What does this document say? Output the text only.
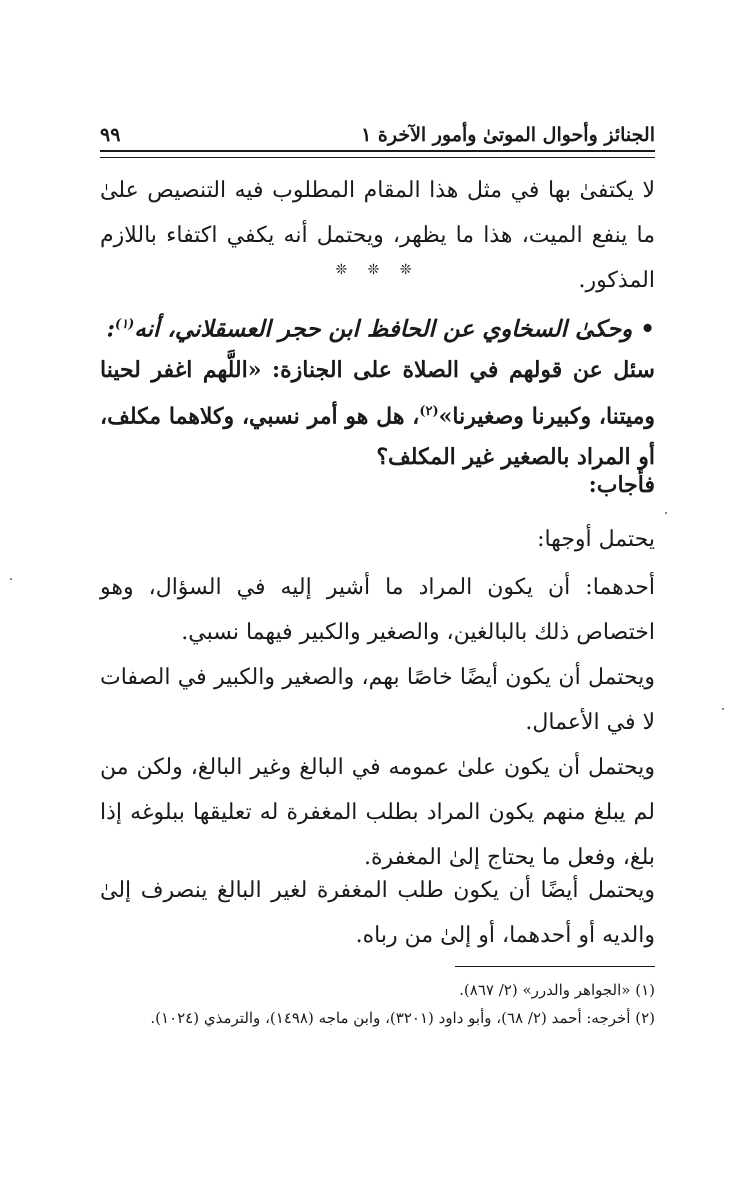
الجنائز وأحوال الموتىٰ وأمور الآخرة ١
٩٩
لا يكتفىٰ بها في مثل هذا المقام المطلوب فيه التنصيص علىٰ ما ينفع الميت، هذا ما يظهر، ويحتمل أنه يكفي اكتفاء باللازم المذكور.
❊ ❊ ❊
• وحكىٰ السخاوي عن الحافظ ابن حجر العسقلاني، أنه$^{(١)}$:
سئل عن قولهم في الصلاة على الجنازة: «اللَّهم اغفر لحينا وميتنا، وكبيرنا وصغيرنا»$^{(٢)}$، هل هو أمر نسبي، وكلاهما مكلف، أو المراد بالصغير غير المكلف؟
فأجاب:
يحتمل أوجها:
أحدهما: أن يكون المراد ما أشير إليه في السؤال، وهو اختصاص ذلك بالبالغين، والصغير والكبير فيهما نسبي.
ويحتمل أن يكون أيضًا خاصًا بهم، والصغير والكبير في الصفات لا في الأعمال.
ويحتمل أن يكون علىٰ عمومه في البالغ وغير البالغ، ولكن من لم يبلغ منهم يكون المراد بطلب المغفرة له تعليقها ببلوغه إذا بلغ، وفعل ما يحتاج إلىٰ المغفرة.
ويحتمل أيضًا أن يكون طلب المغفرة لغير البالغ ينصرف إلىٰ والديه أو أحدهما، أو إلىٰ من رباه.
(١) «الجواهر والدرر» (٢/ ٨٦٧).
(٢) أخرجه: أحمد (٢/ ٦٨)، وأبو داود (٣٢٠١)، وابن ماجه (١٤٩٨)، والترمذي (١٠٢٤).
